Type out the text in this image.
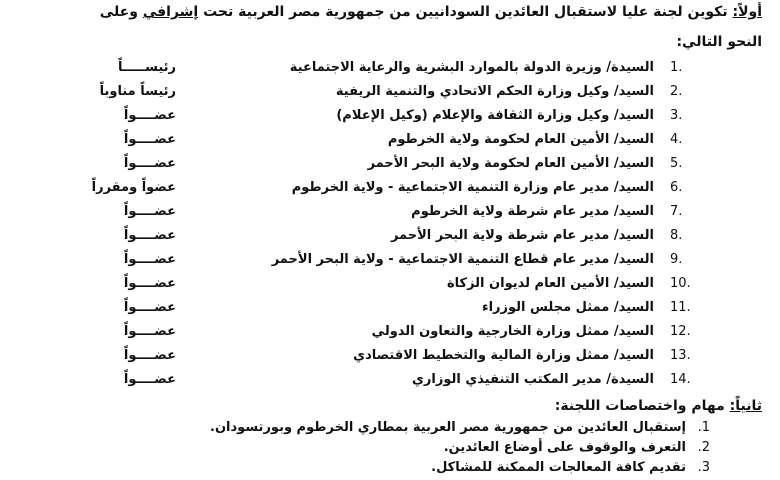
أولاً: تكوين لجنة عليا لاستقبال العائدين السودانيين من جمهورية مصر العربية تحت إشرافي وعلى
النحو التالي:
1.
السيدة/ وزيرة الدولة بالموارد البشرية والرعاية الاجتماعية
رئيســـــاً
2.
السيد/ وكيل وزارة الحكم الاتحادي والتنمية الريفية
رئيساً مناوباً
3.
السيد/ وكيل وزارة الثقافة والإعلام (وكيل الإعلام)
عضــــواً
4.
السيد/ الأمين العام لحكومة ولاية الخرطوم
عضــــواً
5.
السيد/ الأمين العام لحكومة ولاية البحر الأحمر
عضــــواً
6.
السيد/ مدير عام وزارة التنمية الاجتماعية - ولاية الخرطوم
عضواً ومقرراً
7.
السيد/ مدير عام شرطة ولاية الخرطوم
عضــــواً
8.
السيد/ مدير عام شرطة ولاية البحر الأحمر
عضــــواً
9.
السيد/ مدير عام قطاع التنمية الاجتماعية - ولاية البحر الأحمر
عضــــواً
10.
السيد/ الأمين العام لديوان الزكاة
عضــــواً
11.
السيد/ ممثل مجلس الوزراء
عضــــواً
12.
السيد/ ممثل وزارة الخارجية والتعاون الدولي
عضــــواً
13.
السيد/ ممثل وزارة المالية والتخطيط الاقتصادي
عضــــواً
14.
السيدة/ مدير المكتب التنفيذي الوزاري
عضــــواً
ثانياً: مهام واختصاصات اللجنة:
.1
إستقبال العائدين من جمهورية مصر العربية بمطاري الخرطوم وبورتسودان.
.2
التعرف والوقوف على أوضاع العائدين.
.3
تقديم كافة المعالجات الممكنة للمشاكل.
